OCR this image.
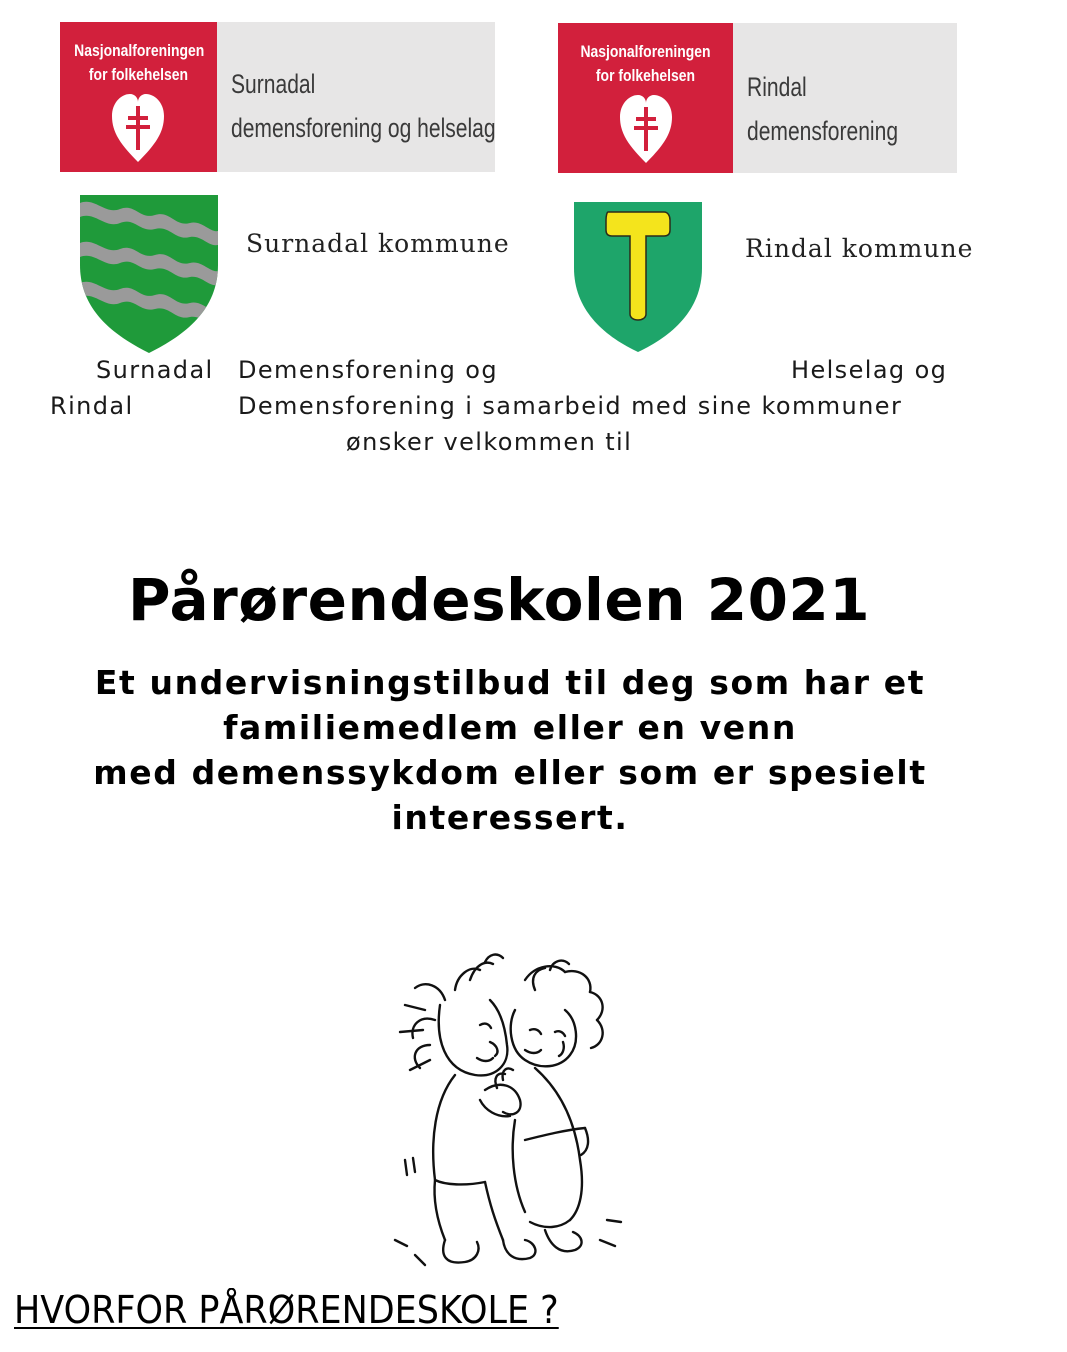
Nasjonalforeningen
for folkehelsen	Surnadal
demensforening og helselag
Nasjonalforeningen
for folkehelsen	Rindal
demensforening
Surnadal kommune	Rindal kommune
Surnadal Demensforening og	Helselag og
Rindal	Demensforening i samarbeid med sine kommuner
ønsker velkommen til
Pårørendeskolen 2021
Et undervisningstilbud til deg som har et
familiemedlem eller en venn
med demenssykdom eller som er spesielt
interessert.
HVORFOR PÅRØRENDESKOLE ?
